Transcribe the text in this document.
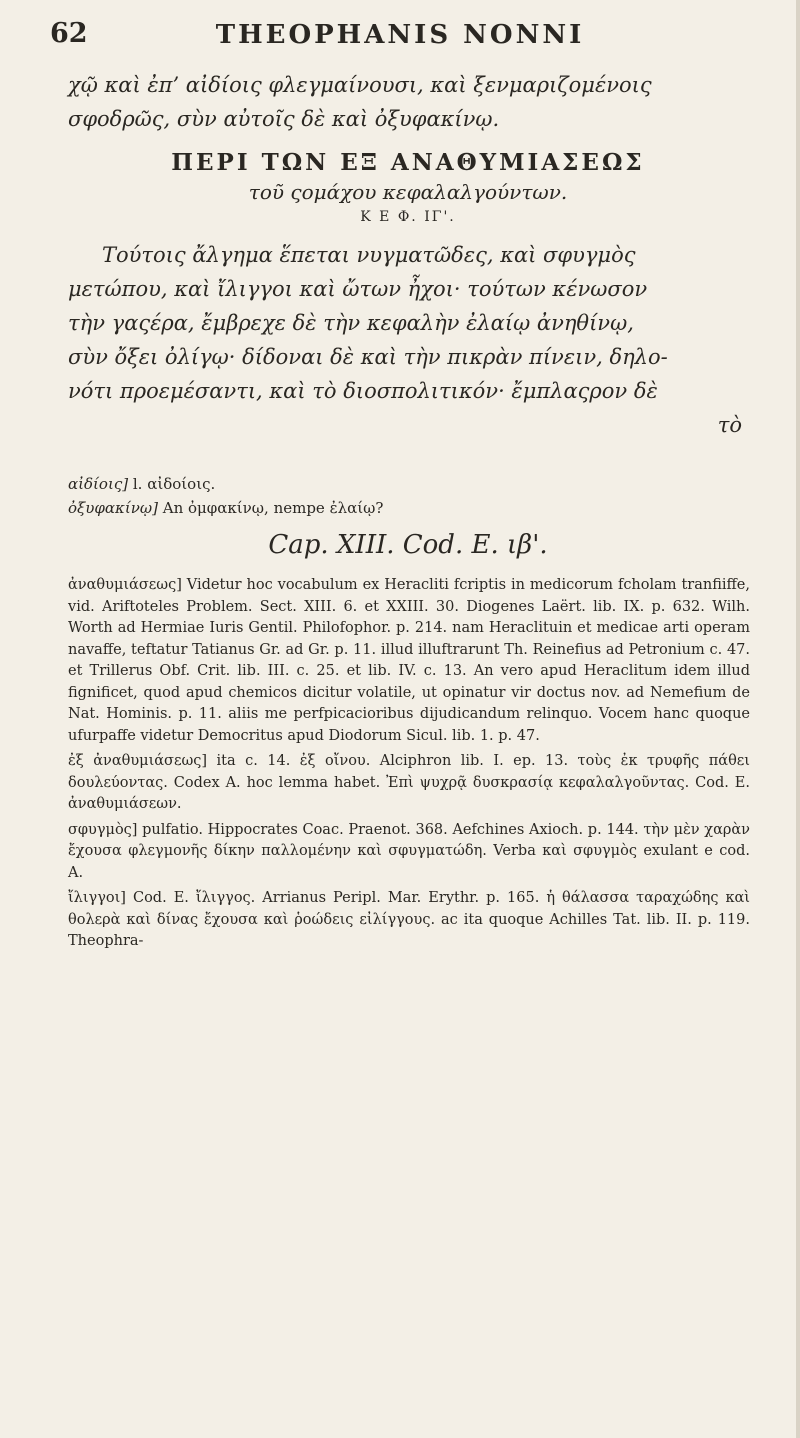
62	THEOPHANIS NONNI

χῷ καὶ ἐπ’ αἰδίοις φλεγμαίνουσι, καὶ ξενμαριζομένοις

σφοδρῶς, σὺν αὐτοῖς δὲ καὶ ὀξυφακίνῳ.

ΠΕΡΙ ΤΩΝ ΕΞ ΑΝΑΘΥΜΙΑΣΕΩΣ

τοῦ ςομάχου κεφαλαλγούντων.

Κ Ε Φ. ΙΓ'.

Τούτοις ἄλγημα ἕπεται νυγματῶδες, καὶ σφυγμὸς

μετώπου, καὶ ἴλιγγοι καὶ ὤτων ἦχοι· τούτων κένωσον

τὴν γαςέρα, ἔμβρεχε δὲ τὴν κεφαλὴν ἐλαίῳ ἀνηθίνῳ,

σὺν ὄξει ὀλίγῳ· δίδοναι δὲ καὶ τὴν πικρὰν πίνειν, δηλο-

νότι προεμέσαντι, καὶ τὸ διοσπολιτικόν· ἔμπλαςρον δὲ

τὸ

αἰδίοις] l. αἰδοίοις.

ὀξυφακίνῳ] An ὀμφακίνῳ, nempe ἐλαίῳ?

Cap. XIII. Cod. E. ιβ'.

ἀναθυμιάσεως] Videtur hoc vocabulum ex Heracliti fcriptis in medicorum fcholam tranfiiffe, vid. Ariftoteles Problem. Sect. XIII. 6. et XXIII. 30. Diogenes Laërt. lib. IX. p. 632. Wilh. Worth ad Hermiae Iuris Gentil. Philofophor. p. 214. nam Heraclituin et medicae arti operam navaffe, teftatur Tatianus Gr. ad Gr. p. 11. illud illuftrarunt Th. Reinefius ad Petronium c. 47. et Trillerus Obf. Crit. lib. III. c. 25. et lib. IV. c. 13. An vero apud Heraclitum idem illud fignificet, quod apud chemicos dicitur volatile, ut opinatur vir doctus nov. ad Nemefium de Nat. Hominis. p. 11. aliis me perfpicacioribus dijudicandum relinquo. Vocem hanc quoque ufurpaffe videtur Democritus apud Diodorum Sicul. lib. 1. p. 47.

ἐξ ἀναθυμιάσεως] ita c. 14. ἐξ οἴνου. Alciphron lib. I. ep. 13. τοὺς ἐκ τρυφῆς πάθει δουλεύοντας. Codex A. hoc lemma habet. Ἐπὶ ψυχρᾷ δυσκρασίᾳ κεφαλαλγοῦντας. Cod. E. ἀναθυμιάσεων.

σφυγμὸς] pulfatio. Hippocrates Coac. Praenot. 368. Aefchines Axioch. p. 144. τὴν μὲν χαρὰν ἔχουσα φλεγμονῆς δίκην παλλομένην καὶ σφυγματώδη. Verba καὶ σφυγμὸς exulant e cod. A.

ἴλιγγοι] Cod. E. ἴλιγγος. Arrianus Peripl. Mar. Erythr. p. 165. ἡ θάλασσα ταραχώδης καὶ θολερὰ καὶ δίνας ἔχουσα καὶ ῥοώδεις εἰλίγγους. ac ita quoque Achilles Tat. lib. II. p. 119. Theophra-
